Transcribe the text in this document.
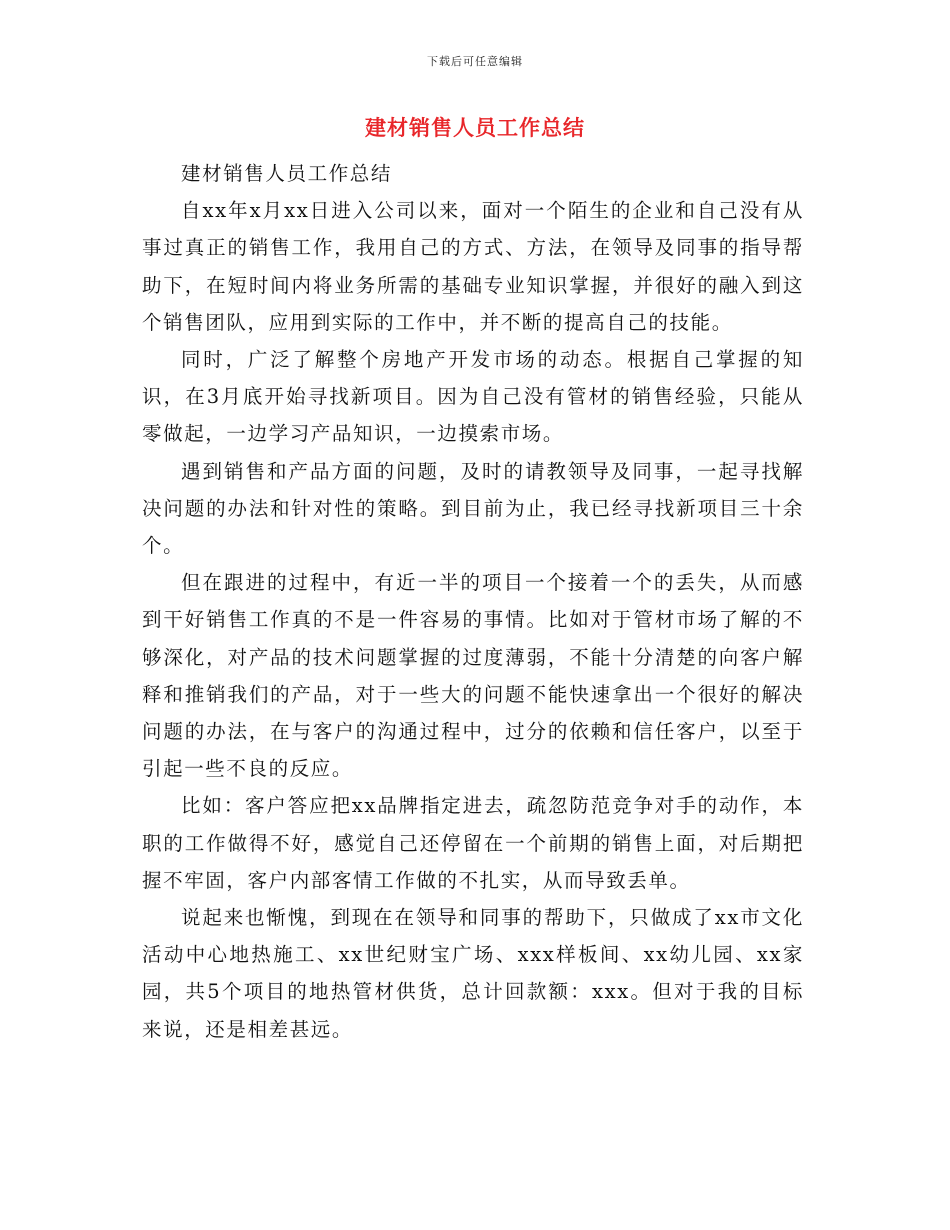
下载后可任意编辑
建材销售人员工作总结

建材销售人员工作总结

自xx年x月xx日进入公司以来，面对一个陌生的企业和自己没有从事过真正的销售工作，我用自己的方式、方法，在领导及同事的指导帮助下，在短时间内将业务所需的基础专业知识掌握，并很好的融入到这个销售团队，应用到实际的工作中，并不断的提高自己的技能。

同时，广泛了解整个房地产开发市场的动态。根据自己掌握的知识，在3月底开始寻找新项目。因为自己没有管材的销售经验，只能从零做起，一边学习产品知识，一边摸索市场。

遇到销售和产品方面的问题，及时的请教领导及同事，一起寻找解决问题的办法和针对性的策略。到目前为止，我已经寻找新项目三十余个。

但在跟进的过程中，有近一半的项目一个接着一个的丢失，从而感到干好销售工作真的不是一件容易的事情。比如对于管材市场了解的不够深化，对产品的技术问题掌握的过度薄弱，不能十分清楚的向客户解释和推销我们的产品，对于一些大的问题不能快速拿出一个很好的解决问题的办法，在与客户的沟通过程中，过分的依赖和信任客户，以至于引起一些不良的反应。

比如：客户答应把xx品牌指定进去，疏忽防范竞争对手的动作，本职的工作做得不好，感觉自己还停留在一个前期的销售上面，对后期把握不牢固，客户内部客情工作做的不扎实，从而导致丢单。

说起来也惭愧，到现在在领导和同事的帮助下，只做成了xx市文化活动中心地热施工、xx世纪财宝广场、xxx样板间、xx幼儿园、xx家园，共5个项目的地热管材供货，总计回款额：xxx。但对于我的目标来说，还是相差甚远。
